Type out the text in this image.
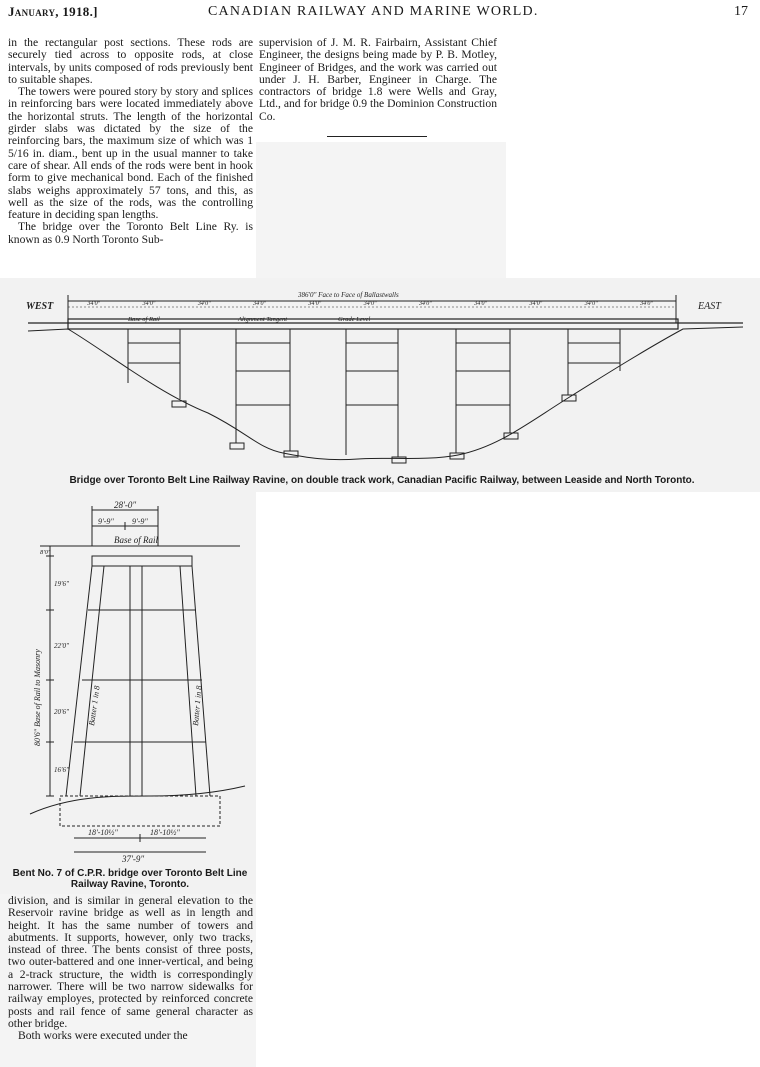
January, 1918.]	CANADIAN RAILWAY AND MARINE WORLD.	17

in the rectangular post sections. These rods are securely tied across to opposite rods, at close intervals, by units composed of rods previously bent to suitable shapes.

The towers were poured story by story and splices in reinforcing bars were located immediately above the horizontal struts. The length of the horizontal girder slabs was dictated by the size of the reinforcing bars, the maximum size of which was 1 5/16 in. diam., bent up in the usual manner to take care of shear. All ends of the rods were bent in hook form to give mechanical bond. Each of the finished slabs weighs approximately 57 tons, and this, as well as the size of the rods, was the controlling feature in deciding span lengths.

The bridge over the Toronto Belt Line Ry. is known as 0.9 North Toronto Sub-

supervision of J. M. R. Fairbairn, Assistant Chief Engineer, the designs being made by P. B. Motley, Engineer of Bridges, and the work was carried out under J. H. Barber, Engineer in Charge. The contractors of bridge 1.8 were Wells and Gray, Ltd., and for bridge 0.9 the Dominion Construction Co.

WEST	EAST
386'0" Face to Face of Ballastwalls
Base of Rail	Alignment Tangent	Grade Level
34'0"	34'0"	34'0"	34'0"	34'0"	34'0"	34'0"	34'0"	34'0"	34'0"	34'0"
Bridge over Toronto Belt Line Railway Ravine, on double track work, Canadian Pacific Railway, between Leaside and North Toronto.
28'-0"
9'-9" 9'-9"
Base of Rail
8'0"
19'6"
22'0"
20'6"
16'6"
80'6" Base of Rail to Masonry	Batter 1 in 8	Batter 1 in 8
18'-10½"	18'-10½"
37'-9"
Bent No. 7 of C.P.R. bridge over Toronto Belt Line Railway Ravine, Toronto.

division, and is similar in general elevation to the Reservoir ravine bridge as well as in length and height. It has the same number of towers and abutments. It supports, however, only two tracks, instead of three. The bents consist of three posts, two outer-battered and one inner-vertical, and being a 2-track structure, the width is correspondingly narrower. There will be two narrow sidewalks for railway employes, protected by reinforced concrete posts and rail fence of same general character as other bridge.

Both works were executed under the
